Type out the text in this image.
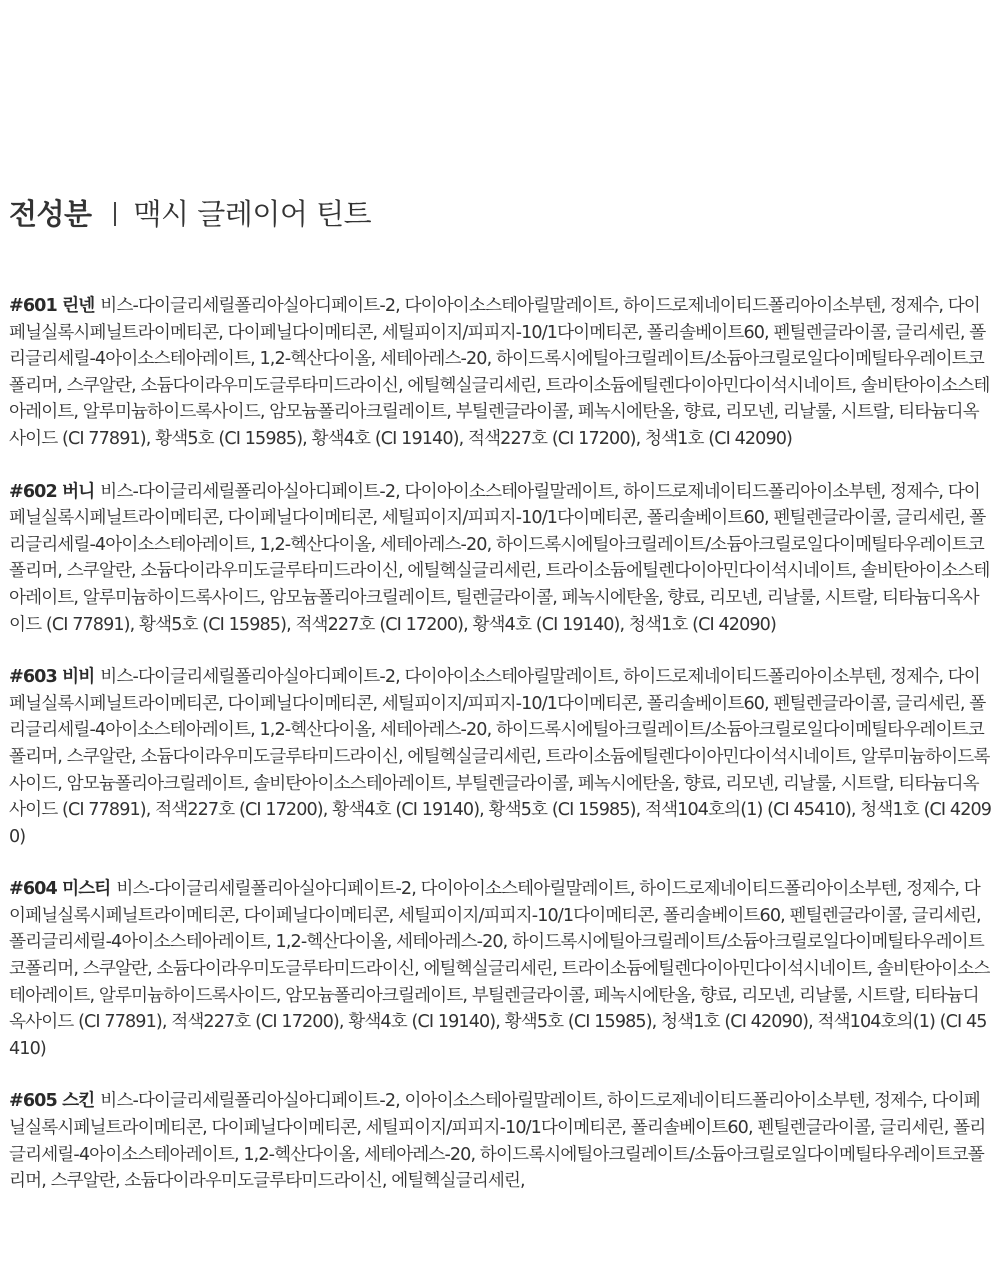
전성분 맥시 글레이어 틴트

#601 린넨 비스-다이글리세릴폴리아실아디페이트-2, 다이아이소스테아릴말레이트, 하이드로제네이티드폴리아이소부텐, 정제수, 다이페닐실록시페닐트라이메티콘, 다이페닐다이메티콘, 세틸피이지/피피지-10/1다이메티콘, 폴리솔베이트60, 펜틸렌글라이콜, 글리세린, 폴리글리세릴-4아이소스테아레이트, 1,2-헥산다이올, 세테아레스-20, 하이드록시에틸아크릴레이트/소듐아크릴로일다이메틸타우레이트코폴리머, 스쿠알란, 소듐다이라우미도글루타미드라이신, 에틸헥실글리세린, 트라이소듐에틸렌다이아민다이석시네이트, 솔비탄아이소스테아레이트, 알루미늄하이드록사이드, 암모늄폴리아크릴레이트, 부틸렌글라이콜, 페녹시에탄올, 향료, 리모넨, 리날룰, 시트랄, 티타늄디옥사이드 (CI 77891), 황색5호 (CI 15985), 황색4호 (CI 19140), 적색227호 (CI 17200), 청색1호 (CI 42090)

#602 버니 비스-다이글리세릴폴리아실아디페이트-2, 다이아이소스테아릴말레이트, 하이드로제네이티드폴리아이소부텐, 정제수, 다이페닐실록시페닐트라이메티콘, 다이페닐다이메티콘, 세틸피이지/피피지-10/1다이메티콘, 폴리솔베이트60, 펜틸렌글라이콜, 글리세린, 폴리글리세릴-4아이소스테아레이트, 1,2-헥산다이올, 세테아레스-20, 하이드록시에틸아크릴레이트/소듐아크릴로일다이메틸타우레이트코폴리머, 스쿠알란, 소듐다이라우미도글루타미드라이신, 에틸헥실글리세린, 트라이소듐에틸렌다이아민다이석시네이트, 솔비탄아이소스테아레이트, 알루미늄하이드록사이드, 암모늄폴리아크릴레이트, 틸렌글라이콜, 페녹시에탄올, 향료, 리모넨, 리날룰, 시트랄, 티타늄디옥사이드 (CI 77891), 황색5호 (CI 15985), 적색227호 (CI 17200), 황색4호 (CI 19140), 청색1호 (CI 42090)

#603 비비 비스-다이글리세릴폴리아실아디페이트-2, 다이아이소스테아릴말레이트, 하이드로제네이티드폴리아이소부텐, 정제수, 다이페닐실록시페닐트라이메티콘, 다이페닐다이메티콘, 세틸피이지/피피지-10/1다이메티콘, 폴리솔베이트60, 펜틸렌글라이콜, 글리세린, 폴리글리세릴-4아이소스테아레이트, 1,2-헥산다이올, 세테아레스-20, 하이드록시에틸아크릴레이트/소듐아크릴로일다이메틸타우레이트코폴리머, 스쿠알란, 소듐다이라우미도글루타미드라이신, 에틸헥실글리세린, 트라이소듐에틸렌다이아민다이석시네이트, 알루미늄하이드록사이드, 암모늄폴리아크릴레이트, 솔비탄아이소스테아레이트, 부틸렌글라이콜, 페녹시에탄올, 향료, 리모넨, 리날룰, 시트랄, 티타늄디옥사이드 (CI 77891), 적색227호 (CI 17200), 황색4호 (CI 19140), 황색5호 (CI 15985), 적색104호의(1) (CI 45410), 청색1호 (CI 42090)

#604 미스티 비스-다이글리세릴폴리아실아디페이트-2, 다이아이소스테아릴말레이트, 하이드로제네이티드폴리아이소부텐, 정제수, 다이페닐실록시페닐트라이메티콘, 다이페닐다이메티콘, 세틸피이지/피피지-10/1다이메티콘, 폴리솔베이트60, 펜틸렌글라이콜, 글리세린, 폴리글리세릴-4아이소스테아레이트, 1,2-헥산다이올, 세테아레스-20, 하이드록시에틸아크릴레이트/소듐아크릴로일다이메틸타우레이트코폴리머, 스쿠알란, 소듐다이라우미도글루타미드라이신, 에틸헥실글리세린, 트라이소듐에틸렌다이아민다이석시네이트, 솔비탄아이소스테아레이트, 알루미늄하이드록사이드, 암모늄폴리아크릴레이트, 부틸렌글라이콜, 페녹시에탄올, 향료, 리모넨, 리날룰, 시트랄, 티타늄디옥사이드 (CI 77891), 적색227호 (CI 17200), 황색4호 (CI 19140), 황색5호 (CI 15985), 청색1호 (CI 42090), 적색104호의(1) (CI 45410)

#605 스킨 비스-다이글리세릴폴리아실아디페이트-2, 이아이소스테아릴말레이트, 하이드로제네이티드폴리아이소부텐, 정제수, 다이페닐실록시페닐트라이메티콘, 다이페닐다이메티콘, 세틸피이지/피피지-10/1다이메티콘, 폴리솔베이트60, 펜틸렌글라이콜, 글리세린, 폴리글리세릴-4아이소스테아레이트, 1,2-헥산다이올, 세테아레스-20, 하이드록시에틸아크릴레이트/소듐아크릴로일다이메틸타우레이트코폴리머, 스쿠알란, 소듐다이라우미도글루타미드라이신, 에틸헥실글리세린,
